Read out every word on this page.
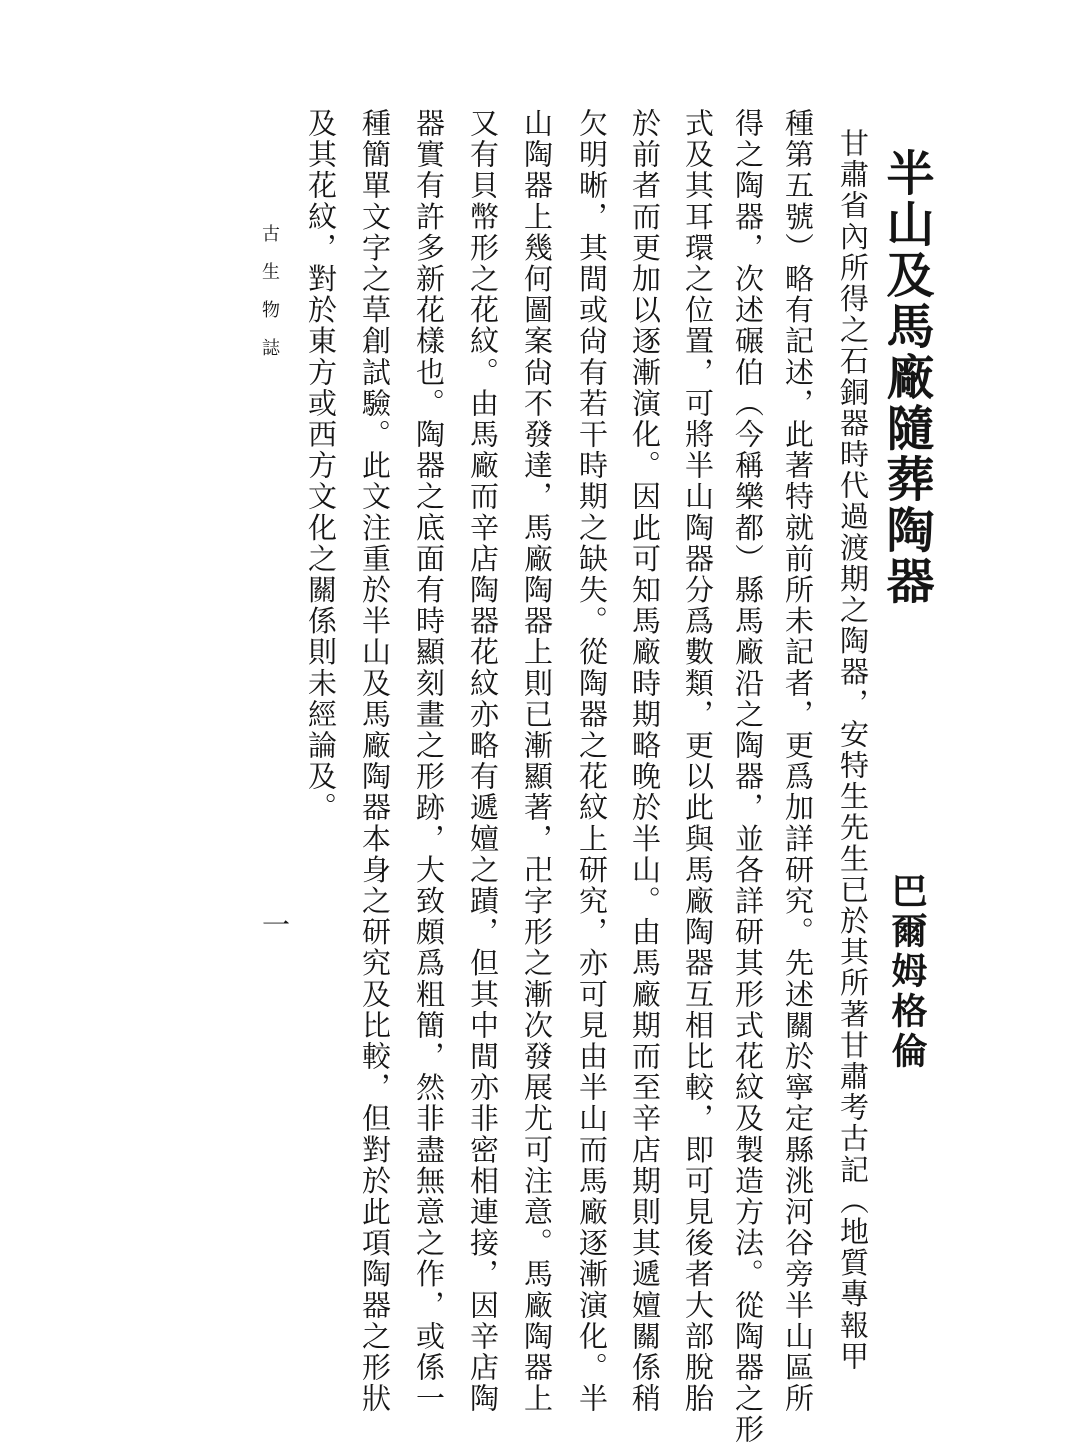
半山及馬廠隨葬陶器
巴爾姆格倫
甘肅省內所得之石銅器時代過渡期之陶器，安特生先生已於其所著甘肅考古記（地質專報甲
種第五號）略有記述，此著特就前所未記者，更爲加詳研究。先述關於寧定縣洮河谷旁半山區所
得之陶器，次述碾伯（今稱樂都）縣馬廠沿之陶器，並各詳研其形式花紋及製造方法。從陶器之形
式及其耳環之位置，可將半山陶器分爲數類，更以此與馬廠陶器互相比較，即可見後者大部脫胎
於前者而更加以逐漸演化。因此可知馬廠時期略晚於半山。由馬廠期而至辛店期則其遞嬗關係稍
欠明晰，其間或尙有若干時期之缺失。從陶器之花紋上研究，亦可見由半山而馬廠逐漸演化。半
山陶器上幾何圖案尙不發達，馬廠陶器上則已漸顯著，卍字形之漸次發展尤可注意。馬廠陶器上
又有貝幣形之花紋。由馬廠而辛店陶器花紋亦略有遞嬗之蹟，但其中間亦非密相連接，因辛店陶
器實有許多新花樣也。陶器之底面有時顯刻畫之形跡，大致頗爲粗簡，然非盡無意之作，或係一
種簡單文字之草創試驗。此文注重於半山及馬廠陶器本身之研究及比較，但對於此項陶器之形狀
及其花紋，對於東方或西方文化之關係則未經論及。
古生物誌
一
